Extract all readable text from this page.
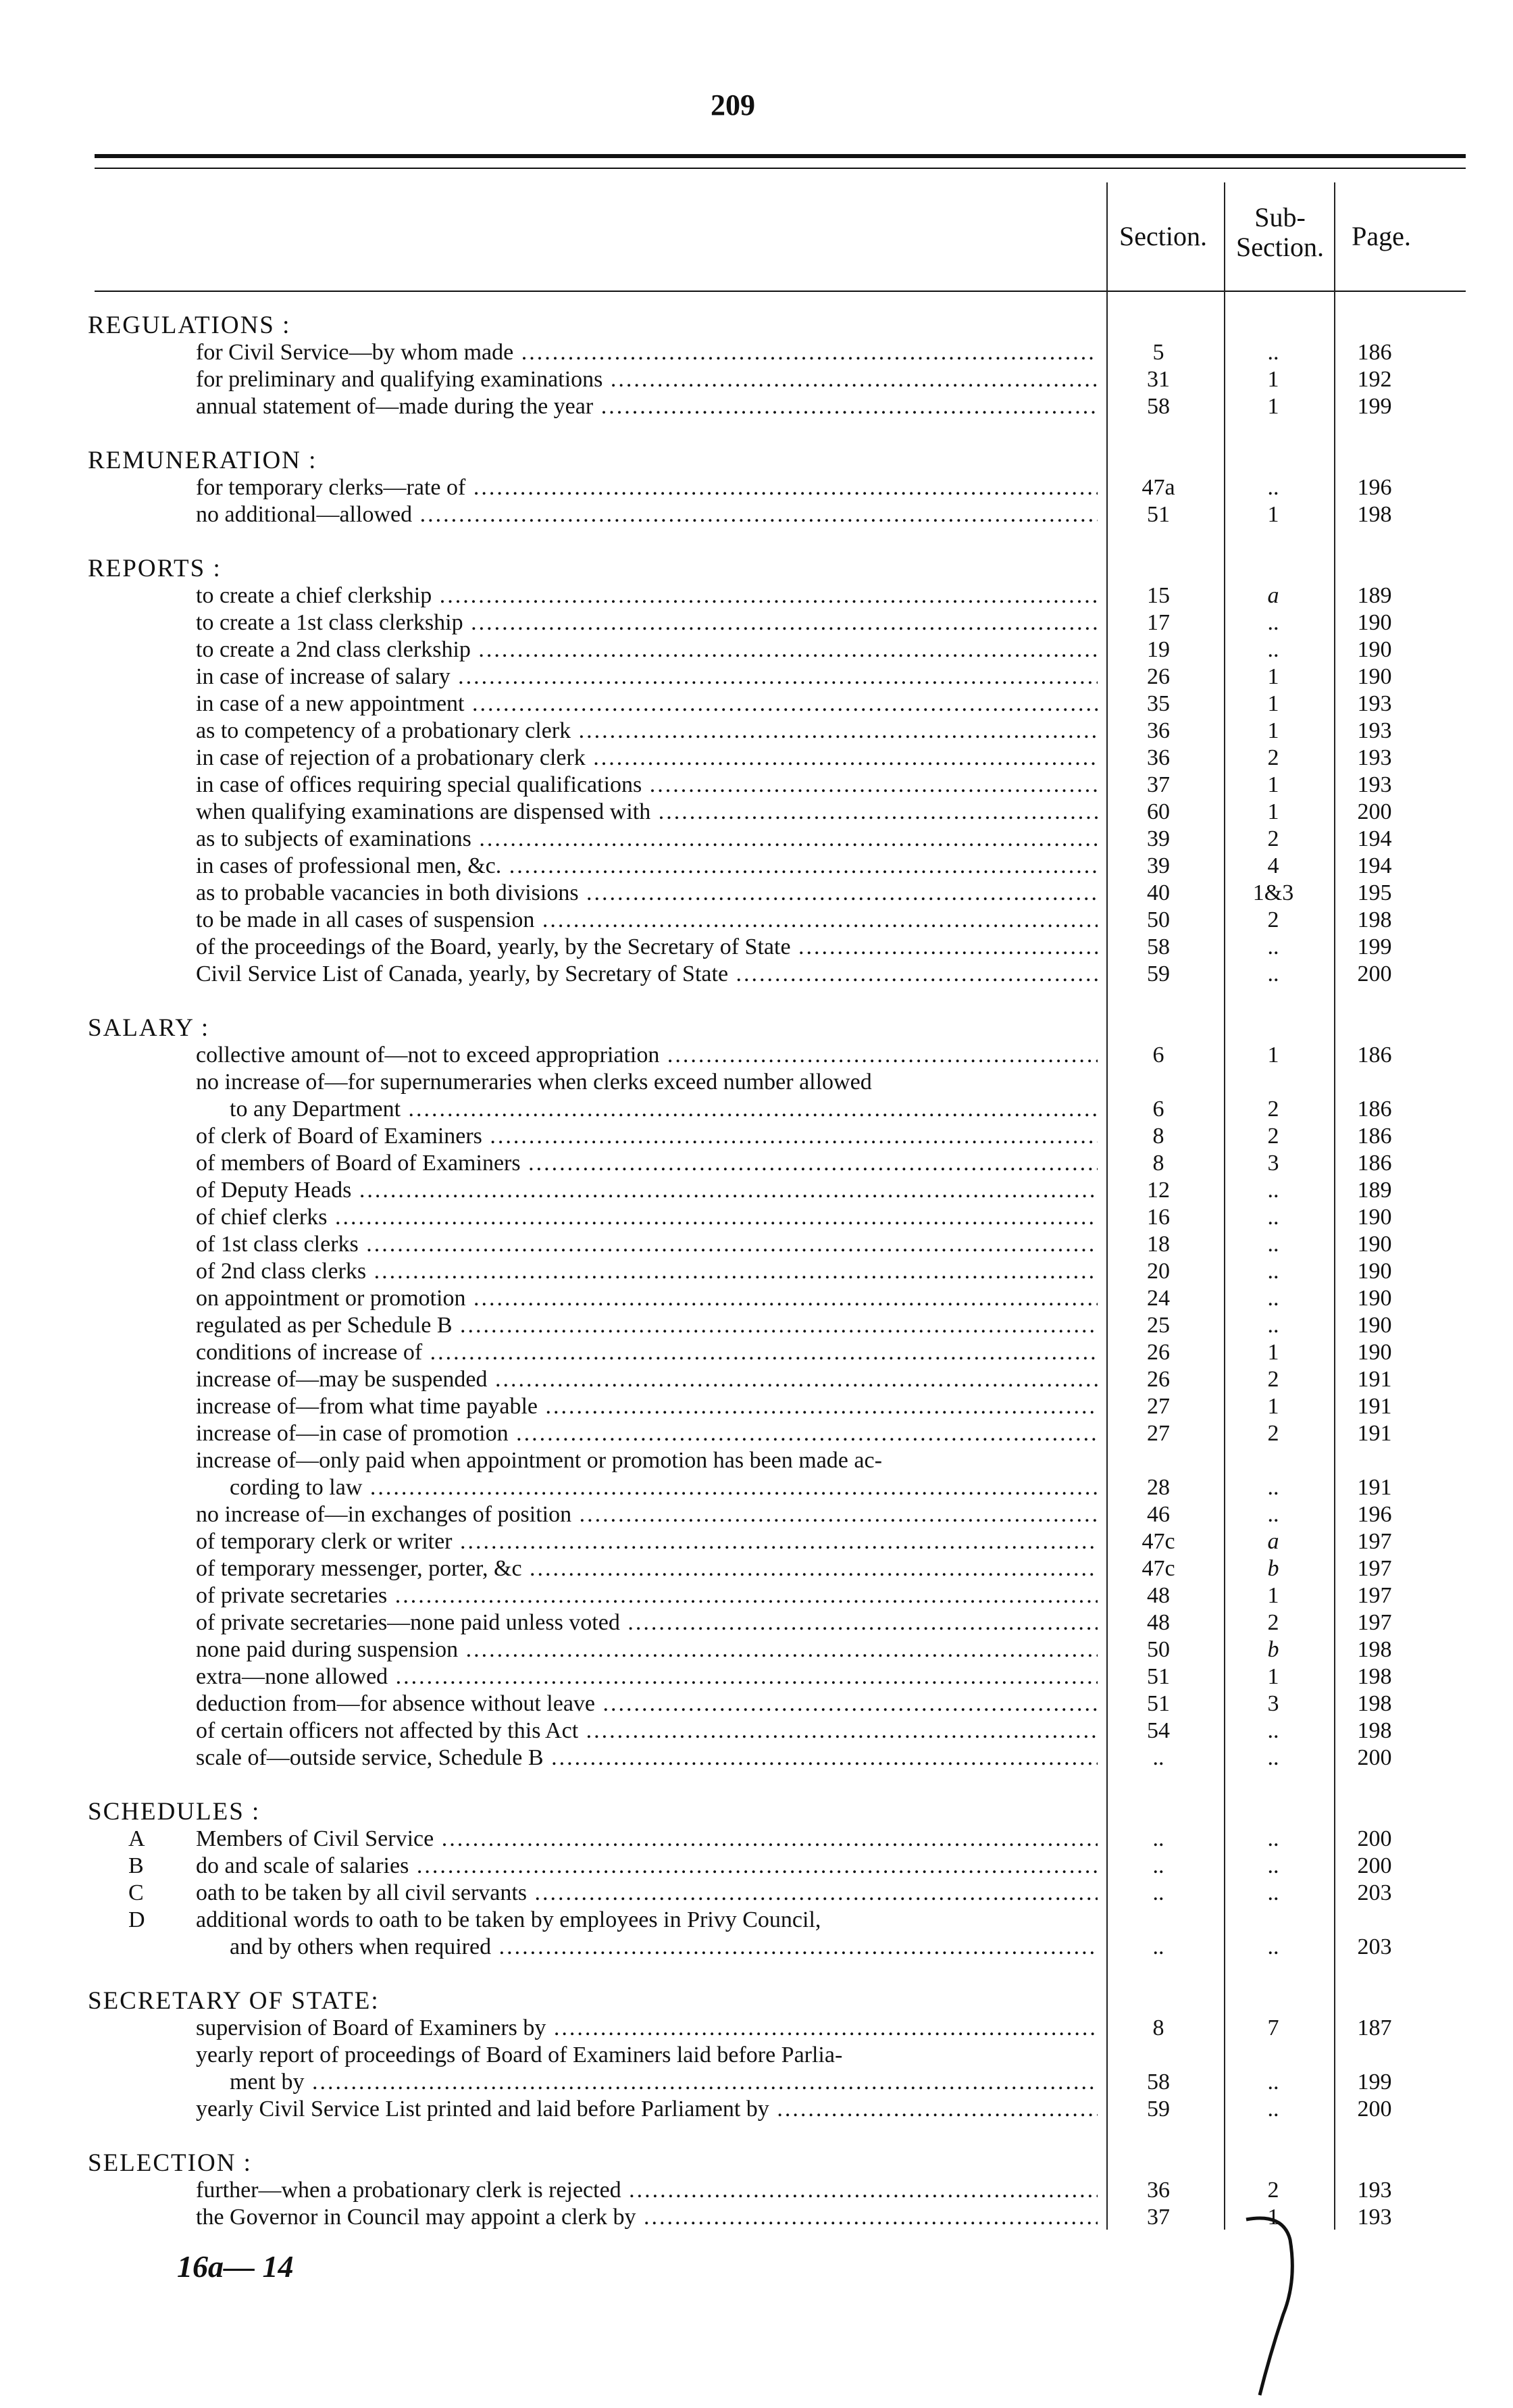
209
Section.
Sub-
Section.	Page.
REGULATIONS :
for Civil Service—by whom made .....	5	..	186
for preliminary and qualifying examinations .....	31	1	192
annual statement of—made during the year .....	58	1	199
REMUNERATION :
for temporary clerks—rate of .....	47a	..	196
no additional—allowed .....	51	1	198
REPORTS :
to create a chief clerkship .....	15	a	189
to create a 1st class clerkship .....	17	..	190
to create a 2nd class clerkship .....	19	..	190
in case of increase of salary .....	26	1	190
in case of a new appointment .....	35	1	193
as to competency of a probationary clerk .....	36	1	193
in case of rejection of a probationary clerk .....	36	2	193
in case of offices requiring special qualifications .....	37	1	193
when qualifying examinations are dispensed with .....	60	1	200
as to subjects of examinations .....	39	2	194
in cases of professional men, &c. .....	39	4	194
as to probable vacancies in both divisions .....	40	1&3	195
to be made in all cases of suspension .....	50	2	198
of the proceedings of the Board, yearly, by the Secretary of State .....	58	..	199
Civil Service List of Canada, yearly, by Secretary of State .....	59	..	200
SALARY :
collective amount of—not to exceed appropriation .....	6	1	186
no increase of—for supernumeraries when clerks exceed number allowed
to any Department .....	6	2	186
of clerk of Board of Examiners .....	8	2	186
of members of Board of Examiners .....	8	3	186
of Deputy Heads .....	12	..	189
of chief clerks .....	16	..	190
of 1st class clerks .....	18	..	190
of 2nd class clerks .....	20	..	190
on appointment or promotion .....	24	..	190
regulated as per Schedule B .....	25	..	190
conditions of increase of .....	26	1	190
increase of—may be suspended .....	26	2	191
increase of—from what time payable .....	27	1	191
increase of—in case of promotion .....	27	2	191
increase of—only paid when appointment or promotion has been made ac-
cording to law .....	28	..	191
no increase of—in exchanges of position .....	46	..	196
of temporary clerk or writer .....	47c	a	197
of temporary messenger, porter, &c .....	47c	b	197
of private secretaries .....	48	1	197
of private secretaries—none paid unless voted .....	48	2	197
none paid during suspension .....	50	b	198
extra—none allowed .....	51	1	198
deduction from—for absence without leave .....	51	3	198
of certain officers not affected by this Act .....	54	..	198
scale of—outside service, Schedule B .....	..	..	200
SCHEDULES :
A Members of Civil Service .....	..	..	200
B do and scale of salaries .....	..	..	200
C oath to be taken by all civil servants .....	..	..	203
D additional words to oath to be taken by employees in Privy Council,
and by others when required .....	..	..	203
SECRETARY OF STATE:
supervision of Board of Examiners by .....	8	7	187
yearly report of proceedings of Board of Examiners laid before Parlia-
ment by .....	58	..	199
yearly Civil Service List printed and laid before Parliament by .....	59	..	200
SELECTION :
further—when a probationary clerk is rejected .....	36	2	193
the Governor in Council may appoint a clerk by .....	37	1	193
16a— 14
